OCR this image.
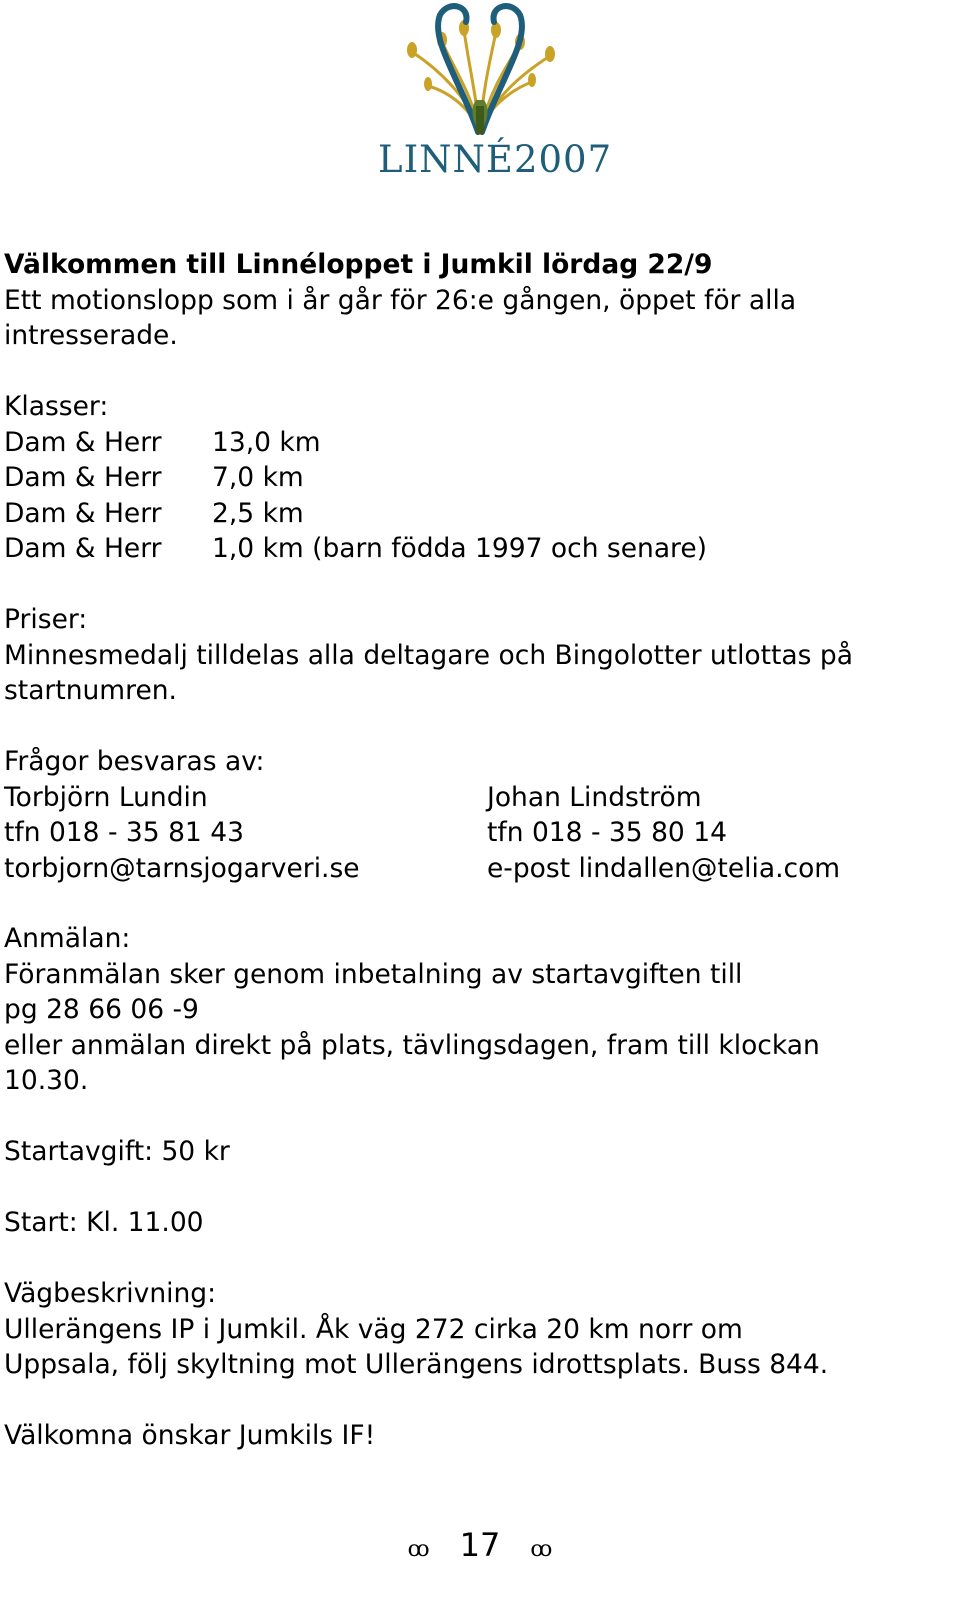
LINNÉ2007
Välkommen till Linnéloppet i Jumkil lördag 22/9
Ett motionslopp som i år går för 26:e gången, öppet för alla
intresserade.
Klasser:
Dam & Herr 13,0 km
Dam & Herr 7,0 km
Dam & Herr 2,5 km
Dam & Herr 1,0 km (barn födda 1997 och senare)
Priser:
Minnesmedalj tilldelas alla deltagare och Bingolotter utlottas på
startnumren.
Frågor besvaras av:
Torbjörn Lundin	Johan Lindström
tfn 018 - 35 81 43	tfn 018 - 35 80 14
torbjorn@tarnsjogarveri.se	e-post lindallen@telia.com
Anmälan:
Föranmälan sker genom inbetalning av startavgiften till
pg 28 66 06 -9
eller anmälan direkt på plats, tävlingsdagen, fram till klockan
10.30.
Startavgift: 50 kr
Start: Kl. 11.00
Vägbeskrivning:
Ullerängens IP i Jumkil. Åk väg 272 cirka 20 km norr om
Uppsala, följ skyltning mot Ullerängens idrottsplats. Buss 844.
Välkomna önskar Jumkils IF!
ꝏ 17 ꝏ
